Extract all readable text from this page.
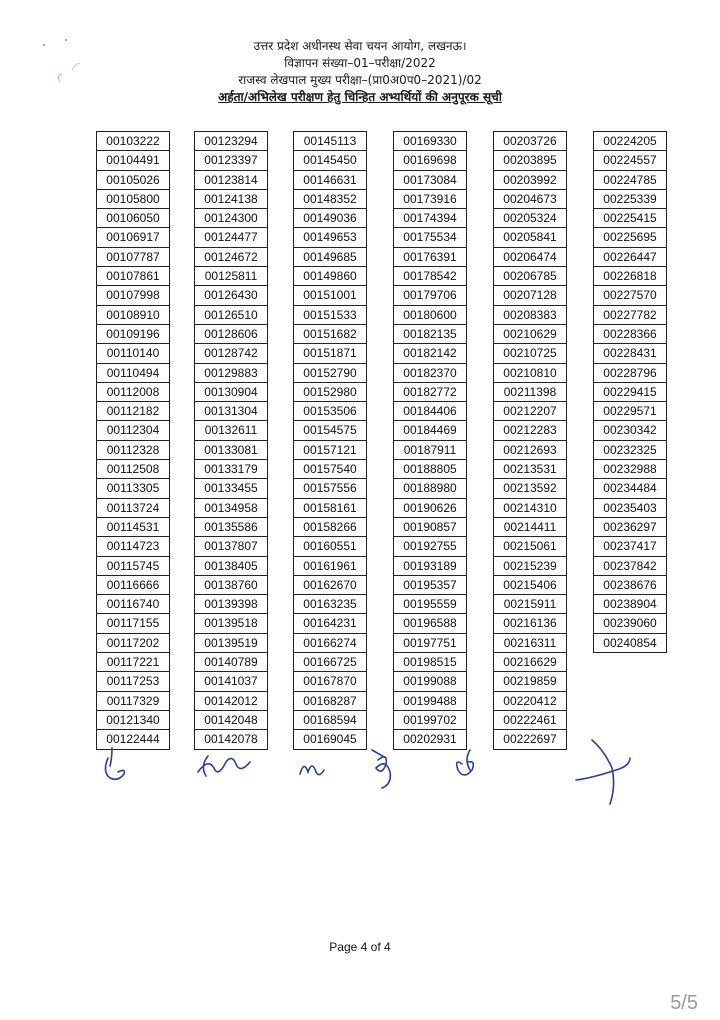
उत्तर प्रदेश अधीनस्थ सेवा चयन आयोग, लखनऊ।
विज्ञापन संख्या–01–परीक्षा/2022
राजस्व लेखपाल मुख्य परीक्षा–(प्रा0अ0प0–2021)/02
अर्हता/अभिलेख परीक्षण हेतु चिन्हित अभ्यर्थियों की अनुपूरक सूची
00103222
00104491
00105026
00105800
00106050
00106917
00107787
00107861
00107998
00108910
00109196
00110140
00110494
00112008
00112182
00112304
00112328
00112508
00113305
00113724
00114531
00114723
00115745
00116666
00116740
00117155
00117202
00117221
00117253
00117329
00121340
00122444
00123294
00123397
00123814
00124138
00124300
00124477
00124672
00125811
00126430
00126510
00128606
00128742
00129883
00130904
00131304
00132611
00133081
00133179
00133455
00134958
00135586
00137807
00138405
00138760
00139398
00139518
00139519
00140789
00141037
00142012
00142048
00142078
00145113
00145450
00146631
00148352
00149036
00149653
00149685
00149860
00151001
00151533
00151682
00151871
00152790
00152980
00153506
00154575
00157121
00157540
00157556
00158161
00158266
00160551
00161961
00162670
00163235
00164231
00166274
00166725
00167870
00168287
00168594
00169045
00169330
00169698
00173084
00173916
00174394
00175534
00176391
00178542
00179706
00180600
00182135
00182142
00182370
00182772
00184406
00184469
00187911
00188805
00188980
00190626
00190857
00192755
00193189
00195357
00195559
00196588
00197751
00198515
00199088
00199488
00199702
00202931
00203726
00203895
00203992
00204673
00205324
00205841
00206474
00206785
00207128
00208383
00210629
00210725
00210810
00211398
00212207
00212283
00212693
00213531
00213592
00214310
00214411
00215061
00215239
00215406
00215911
00216136
00216311
00216629
00219859
00220412
00222461
00222697
00224205
00224557
00224785
00225339
00225415
00225695
00226447
00226818
00227570
00227782
00228366
00228431
00228796
00229415
00229571
00230342
00232325
00232988
00234484
00235403
00236297
00237417
00237842
00238676
00238904
00239060
00240854
Page 4 of 4
5/5
